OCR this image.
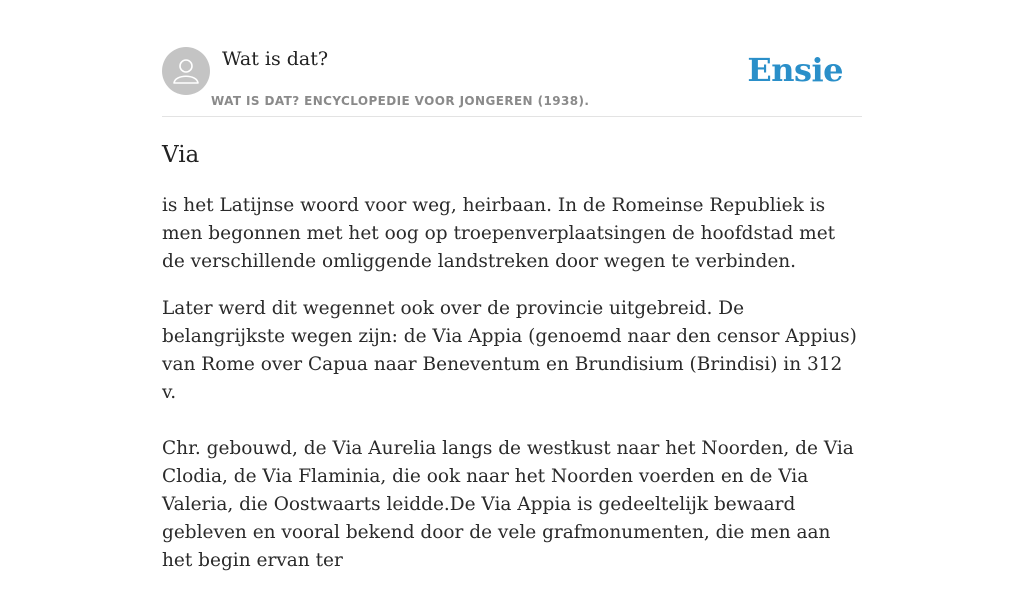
Wat is dat?
WAT IS DAT? ENCYCLOPEDIE VOOR JONGEREN (1938).
Ensie
Via

is het Latijnse woord voor weg, heirbaan. In de Romeinse Republiek is men begonnen met het oog op troepenverplaatsingen de hoofdstad met de verschillende omliggende landstreken door wegen te verbinden.

Later werd dit wegennet ook over de provincie uitgebreid. De belangrijkste wegen zijn: de Via Appia (genoemd naar den censor Appius) van Rome over Capua naar Beneventum en Brundisium (Brindisi) in 312 v.

Chr. gebouwd, de Via Aurelia langs de westkust naar het Noorden, de Via Clodia, de Via Flaminia, die ook naar het Noorden voerden en de Via Valeria, die Oostwaarts leidde.De Via Appia is gedeeltelijk bewaard gebleven en vooral bekend door de vele grafmonumenten, die men aan het begin ervan ter
